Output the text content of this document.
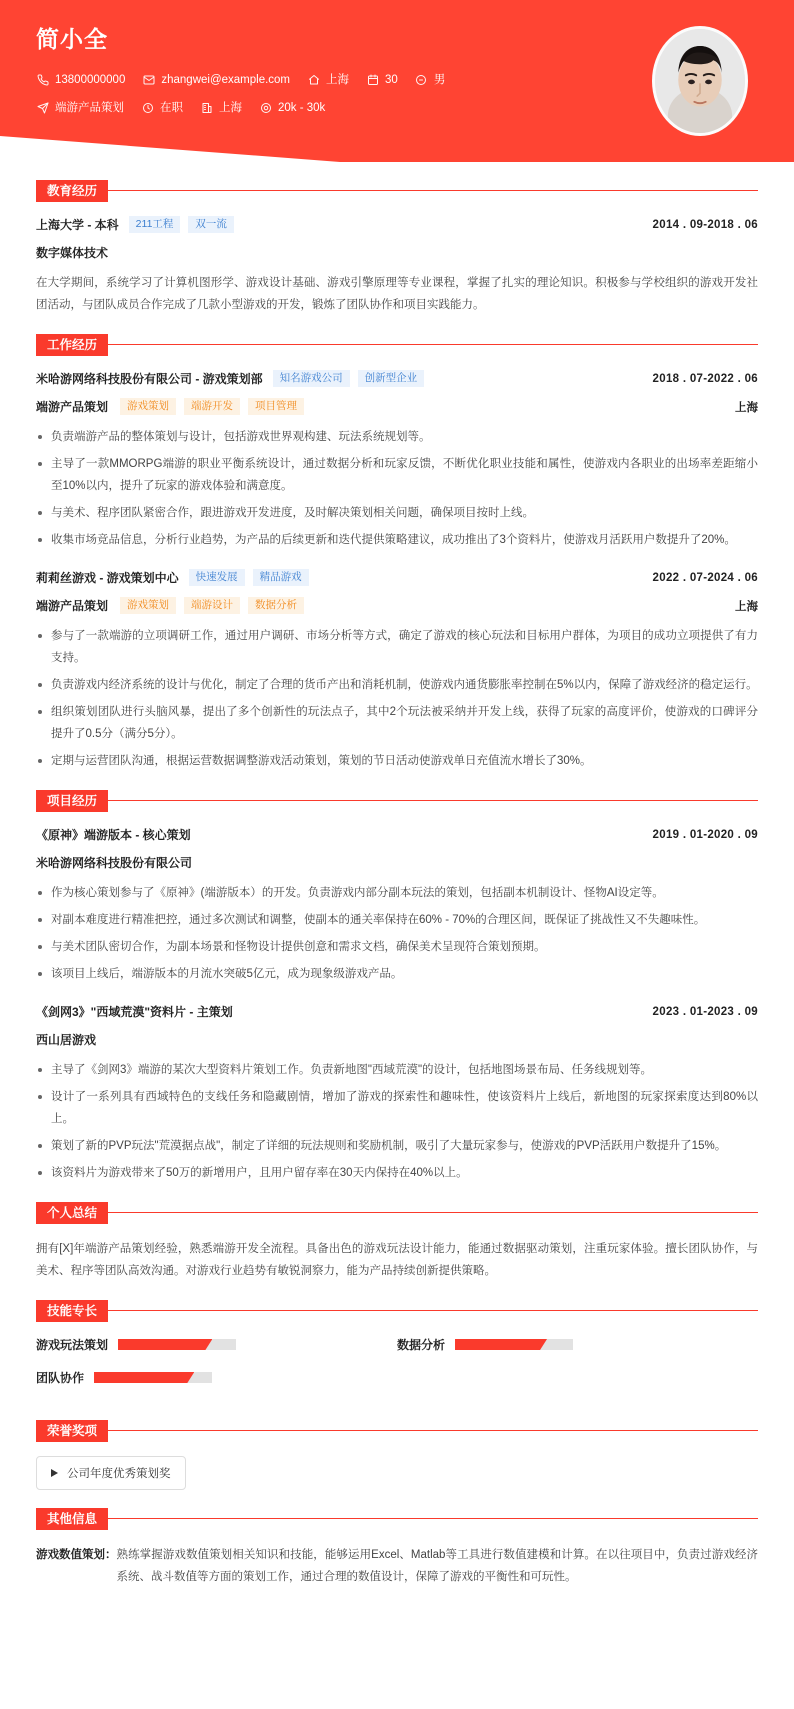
简小全
13800000000	zhangwei@example.com	上海	30	男
端游产品策划	在职	上海	20k - 30k
教育经历
上海大学 - 本科	211工程	双一流	2014 . 09-2018 . 06
数字媒体技术
在大学期间，系统学习了计算机图形学、游戏设计基础、游戏引擎原理等专业课程，掌握了扎实的理论知识。积极参与学校组织的游戏开发社团活动，与团队成员合作完成了几款小型游戏的开发，锻炼了团队协作和项目实践能力。
工作经历
米哈游网络科技股份有限公司 - 游戏策划部	知名游戏公司	创新型企业	2018 . 07-2022 . 06
端游产品策划	游戏策划	端游开发	项目管理	上海
负责端游产品的整体策划与设计，包括游戏世界观构建、玩法系统规划等。
主导了一款MMORPG端游的职业平衡系统设计，通过数据分析和玩家反馈，不断优化职业技能和属性，使游戏内各职业的出场率差距缩小至10%以内，提升了玩家的游戏体验和满意度。
与美术、程序团队紧密合作，跟进游戏开发进度，及时解决策划相关问题，确保项目按时上线。
收集市场竞品信息，分析行业趋势，为产品的后续更新和迭代提供策略建议，成功推出了3个资料片，使游戏月活跃用户数提升了20%。
莉莉丝游戏 - 游戏策划中心	快速发展	精品游戏	2022 . 07-2024 . 06
端游产品策划	游戏策划	端游设计	数据分析	上海
参与了一款端游的立项调研工作，通过用户调研、市场分析等方式，确定了游戏的核心玩法和目标用户群体，为项目的成功立项提供了有力支持。
负责游戏内经济系统的设计与优化，制定了合理的货币产出和消耗机制，使游戏内通货膨胀率控制在5%以内，保障了游戏经济的稳定运行。
组织策划团队进行头脑风暴，提出了多个创新性的玩法点子，其中2个玩法被采纳并开发上线，获得了玩家的高度评价，使游戏的口碑评分提升了0.5分（满分5分）。
定期与运营团队沟通，根据运营数据调整游戏活动策划，策划的节日活动使游戏单日充值流水增长了30%。
项目经历
《原神》端游版本 - 核心策划	2019 . 01-2020 . 09
米哈游网络科技股份有限公司
作为核心策划参与了《原神》(端游版本）的开发。负责游戏内部分副本玩法的策划，包括副本机制设计、怪物AI设定等。
对副本难度进行精准把控，通过多次测试和调整，使副本的通关率保持在60% - 70%的合理区间，既保证了挑战性又不失趣味性。
与美术团队密切合作，为副本场景和怪物设计提供创意和需求文档，确保美术呈现符合策划预期。
该项目上线后，端游版本的月流水突破5亿元，成为现象级游戏产品。
《剑网3》"西域荒漠"资料片 - 主策划	2023 . 01-2023 . 09
西山居游戏
主导了《剑网3》端游的某次大型资料片策划工作。负责新地图"西域荒漠"的设计，包括地图场景布局、任务线规划等。
设计了一系列具有西域特色的支线任务和隐藏剧情，增加了游戏的探索性和趣味性，使该资料片上线后，新地图的玩家探索度达到80%以上。
策划了新的PVP玩法"荒漠据点战"，制定了详细的玩法规则和奖励机制，吸引了大量玩家参与，使游戏的PVP活跃用户数提升了15%。
该资料片为游戏带来了50万的新增用户，且用户留存率在30天内保持在40%以上。
个人总结
拥有[X]年端游产品策划经验，熟悉端游开发全流程。具备出色的游戏玩法设计能力，能通过数据驱动策划，注重玩家体验。擅长团队协作，与美术、程序等团队高效沟通。对游戏行业趋势有敏锐洞察力，能为产品持续创新提供策略。
技能专长
游戏玩法策划	数据分析
团队协作
荣誉奖项
公司年度优秀策划奖
其他信息
游戏数值策划： 熟练掌握游戏数值策划相关知识和技能，能够运用Excel、Matlab等工具进行数值建模和计算。在以往项目中，负责过游戏经济系统、战斗数值等方面的策划工作，通过合理的数值设计，保障了游戏的平衡性和可玩性。
